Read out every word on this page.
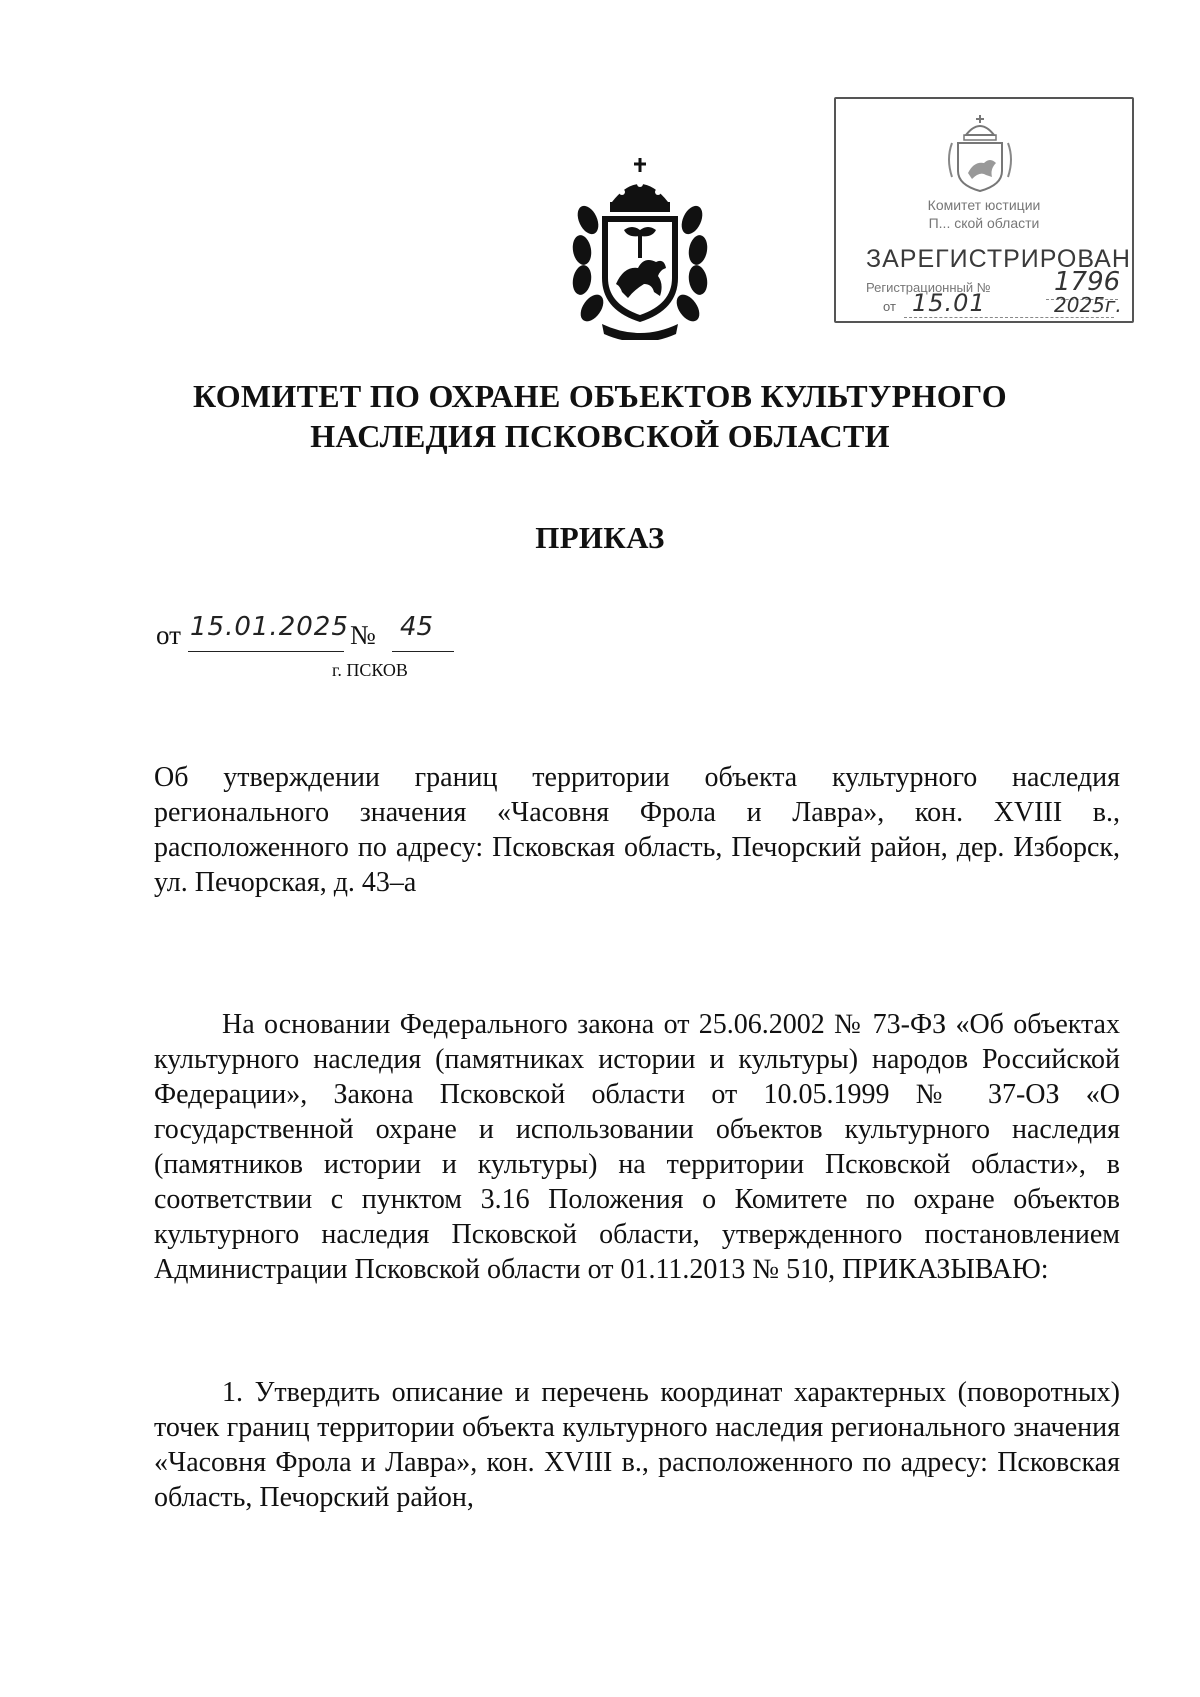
Комитет юстиции
П... ской области
ЗАРЕГИСТРИРОВАН
Регистрационный № 1796
от 15.01	2025г.
КОМИТЕТ ПО ОХРАНЕ ОБЪЕКТОВ КУЛЬТУРНОГО
НАСЛЕДИЯ ПСКОВСКОЙ ОБЛАСТИ
ПРИКАЗ
от 15.01.2025 № 45
г. ПСКОВ
Об утверждении границ территории объекта культурного наследия регионального значения «Часовня Фрола и Лавра», кон. XVIII в., расположенного по адресу: Псковская область, Печорский район, дер. Изборск, ул. Печорская, д. 43–а
На основании Федерального закона от 25.06.2002 № 73-ФЗ «Об объектах культурного наследия (памятниках истории и культуры) народов Российской Федерации», Закона Псковской области от 10.05.1999 № 37-ОЗ «О государственной охране и использовании объектов культурного наследия (памятников истории и культуры) на территории Псковской области», в соответствии с пунктом 3.16 Положения о Комитете по охране объектов культурного наследия Псковской области, утвержденного постановлением Администрации Псковской области от 01.11.2013 № 510, ПРИКАЗЫВАЮ:
1. Утвердить описание и перечень координат характерных (поворотных) точек границ территории объекта культурного наследия регионального значения «Часовня Фрола и Лавра», кон. XVIII в., расположенного по адресу: Псковская область, Печорский район,
